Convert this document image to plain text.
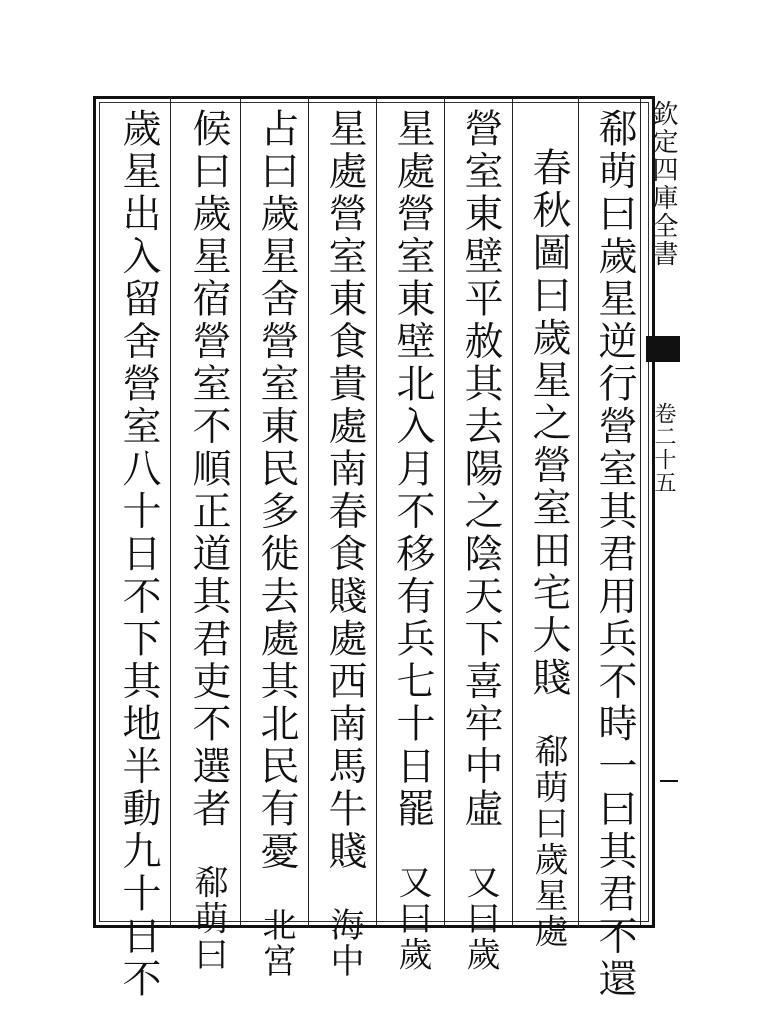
欽定四庫全書
卷二十五
郗萌曰歲星逆行營室其君用兵不時一曰其君不還
春秋圖曰歲星之營室田宅大賤郗萌曰歲星處
營室東壁平赦其去陽之陰天下喜牢中虛又曰歲
星處營室東壁北入月不移有兵七十日罷又曰歲
星處營室東食貴處南春食賤處西南馬牛賤海中
占曰歲星舍營室東民多徙去處其北民有憂北宮
候曰歲星宿營室不順正道其君吏不選者郗萌曰
歲星出入留舍營室八十日不下其地半動九十日不
